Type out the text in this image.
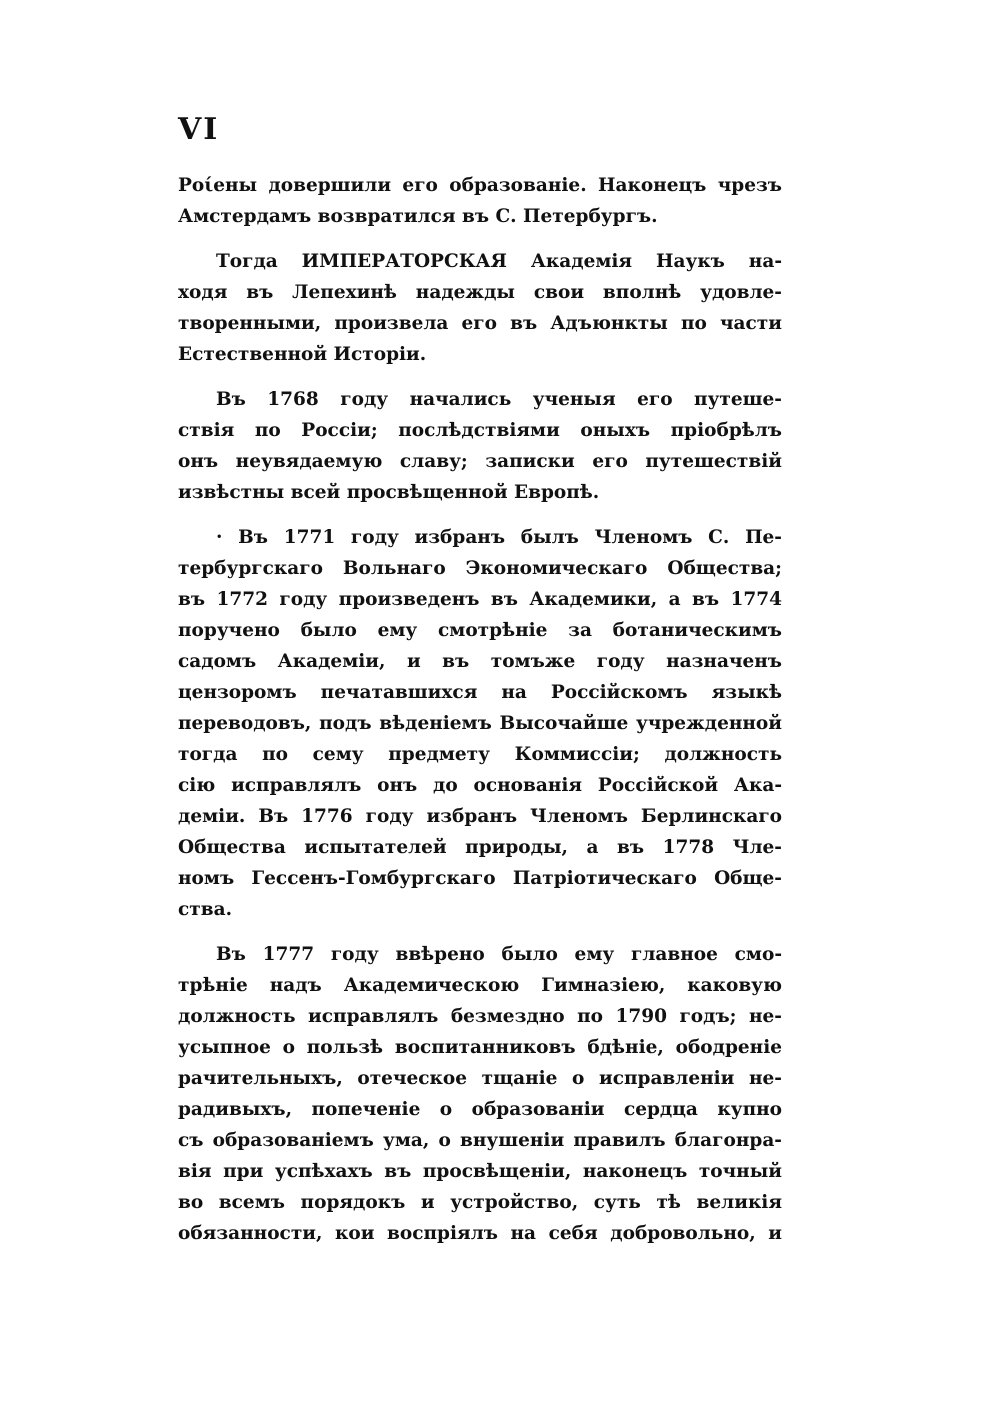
VI
Ροίены довершили его образованіе. Наконецъ чрезъ
Амстердамъ возвратился въ С. Петербургъ.
Тогда ИМПЕРАТОРСКАЯ Академія Наукъ на-
ходя въ Лепехинѣ надежды свои вполнѣ удовле-
творенными, произвела его въ Адъюнкты по части
Естественной Исторіи.
Въ 1768 году начались ученыя его путеше-
ствія по Россіи; послѣдствіями оныхъ пріобрѣлъ
онъ неувядаемую славу; записки его путешествій
извѣстны всей просвѣщенной Европѣ.
· Въ 1771 году избранъ былъ Членомъ С. Пе-
тербургскаго Вольнаго Экономическаго Общества;
въ 1772 году произведенъ въ Академики, а въ 1774
поручено было ему смотрѣніе за ботаническимъ
садомъ Академіи, и въ томъже году назначенъ
цензоромъ печатавшихся на Россійскомъ языкѣ
переводовъ, подъ вѣденіемъ Высочайше учрежденной
тогда по сему предмету Коммиссіи; должность
сію исправлялъ онъ до основанія Россійской Ака-
деміи. Въ 1776 году избранъ Членомъ Берлинскаго
Общества испытателей природы, а въ 1778 Чле-
номъ Гессенъ-Гомбургскаго Патріотическаго Обще-
ства.
Въ 1777 году ввѣрено было ему главное смо-
трѣніе надъ Академическою Гимназіею, каковую
должность исправлялъ безмездно по 1790 годъ; не-
усыпное о пользѣ воспитанниковъ бдѣніе, ободреніе
рачительныхъ, отеческое тщаніе о исправленіи не-
радивыхъ, попеченіе о образованіи сердца купно
съ образованіемъ ума, о внушеніи правилъ благонра-
вія при успѣхахъ въ просвѣщеніи, наконецъ точный
во всемъ порядокъ и устройство, суть тѣ великія
обязанности, кои воспріялъ на себя добровольно, и
